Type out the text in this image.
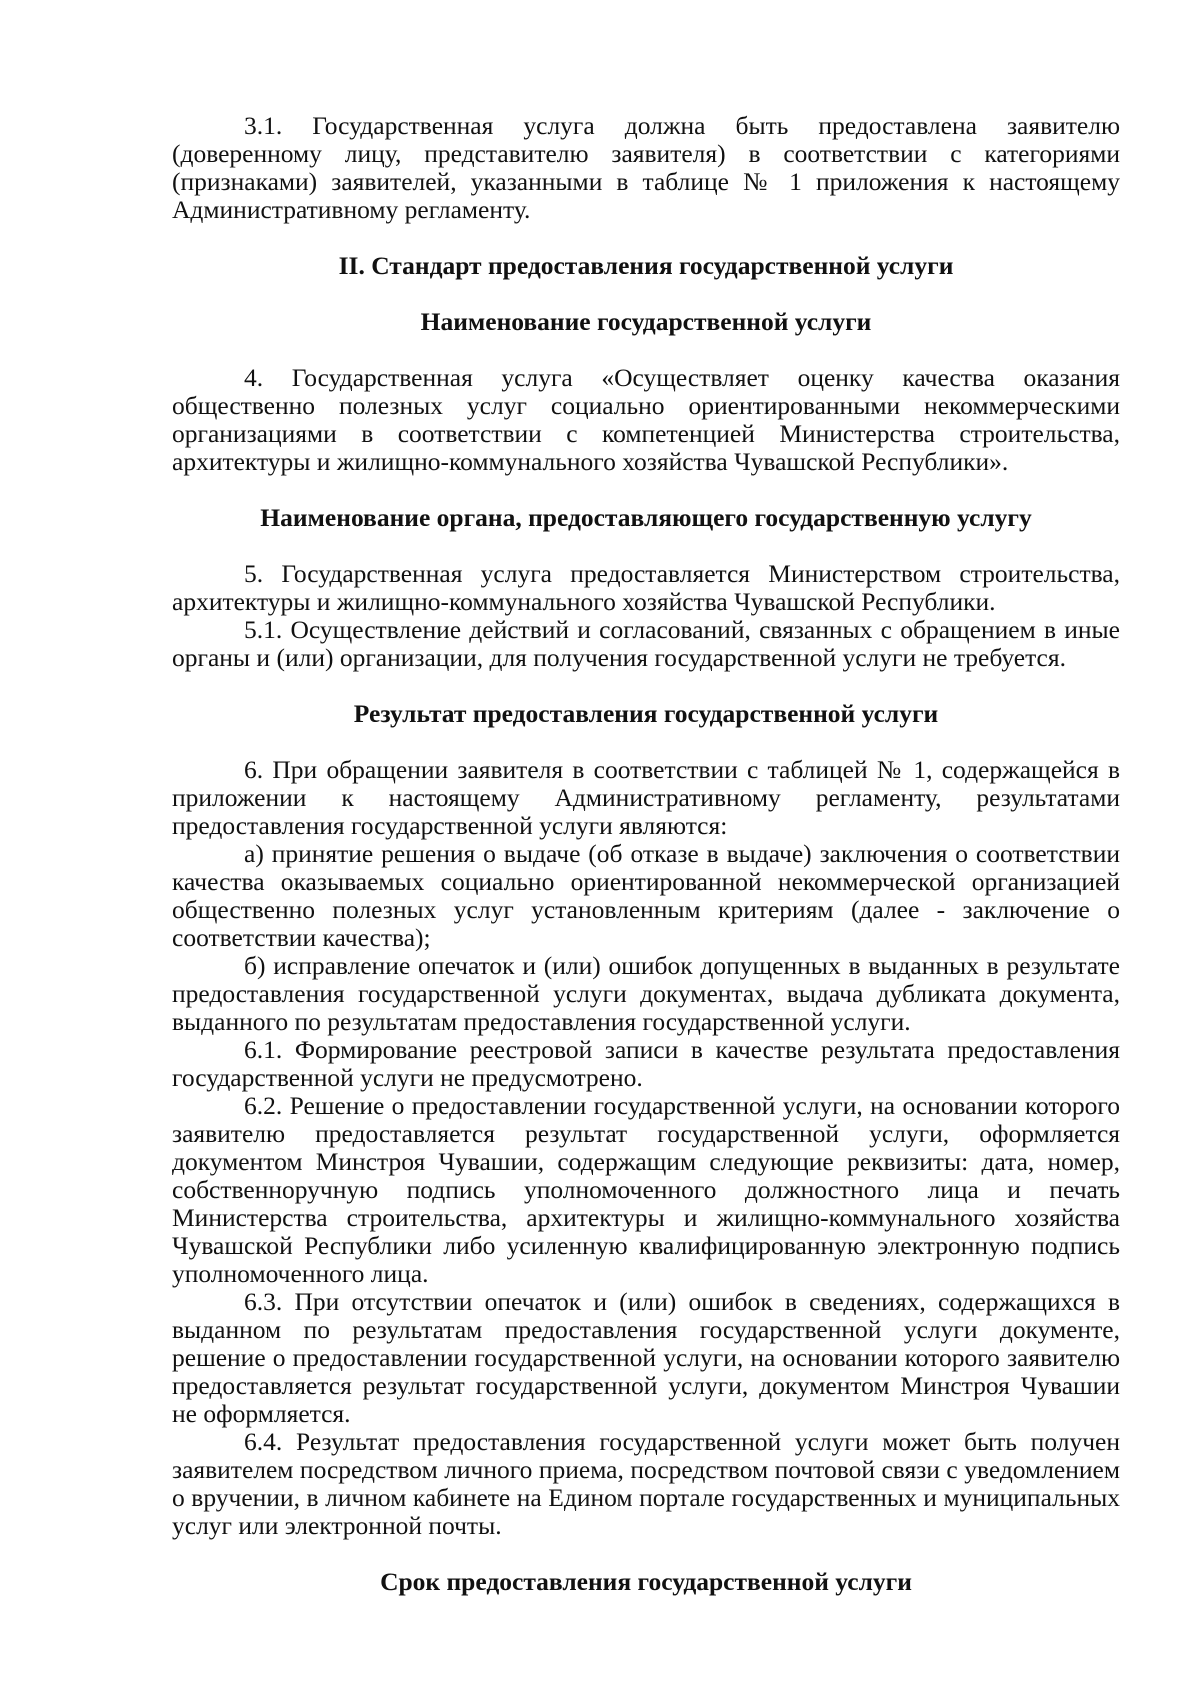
3.1. Государственная услуга должна быть предоставлена заявителю (доверенному лицу, представителю заявителя) в соответствии с категориями (признаками) заявителей, указанными в таблице № 1 приложения к настоящему Административному регламенту.

II. Стандарт предоставления государственной услуги

Наименование государственной услуги

4. Государственная услуга «Осуществляет оценку качества оказания общественно полезных услуг социально ориентированными некоммерческими организациями в соответствии с компетенцией Министерства строительства, архитектуры и жилищно-коммунального хозяйства Чувашской Республики».

Наименование органа, предоставляющего государственную услугу

5. Государственная услуга предоставляется Министерством строительства, архитектуры и жилищно-коммунального хозяйства Чувашской Республики.

5.1. Осуществление действий и согласований, связанных с обращением в иные органы и (или) организации, для получения государственной услуги не требуется.

Результат предоставления государственной услуги

6. При обращении заявителя в соответствии с таблицей № 1, содержащейся в приложении к настоящему Административному регламенту, результатами предоставления государственной услуги являются:

а) принятие решения о выдаче (об отказе в выдаче) заключения о соответствии качества оказываемых социально ориентированной некоммерческой организацией общественно полезных услуг установленным критериям (далее - заключение о соответствии качества);

б) исправление опечаток и (или) ошибок допущенных в выданных в результате предоставления государственной услуги документах, выдача дубликата документа, выданного по результатам предоставления государственной услуги.

6.1. Формирование реестровой записи в качестве результата предоставления государственной услуги не предусмотрено.

6.2. Решение о предоставлении государственной услуги, на основании которого заявителю предоставляется результат государственной услуги, оформляется документом Минстроя Чувашии, содержащим следующие реквизиты: дата, номер, собственноручную подпись уполномоченного должностного лица и печать Министерства строительства, архитектуры и жилищно-коммунального хозяйства Чувашской Республики либо усиленную квалифицированную электронную подпись уполномоченного лица.

6.3. При отсутствии опечаток и (или) ошибок в сведениях, содержащихся в выданном по результатам предоставления государственной услуги документе, решение о предоставлении государственной услуги, на основании которого заявителю предоставляется результат государственной услуги, документом Минстроя Чувашии не оформляется.

6.4. Результат предоставления государственной услуги может быть получен заявителем посредством личного приема, посредством почтовой связи с уведомлением о вручении, в личном кабинете на Едином портале государственных и муниципальных услуг или электронной почты.

Срок предоставления государственной услуги
